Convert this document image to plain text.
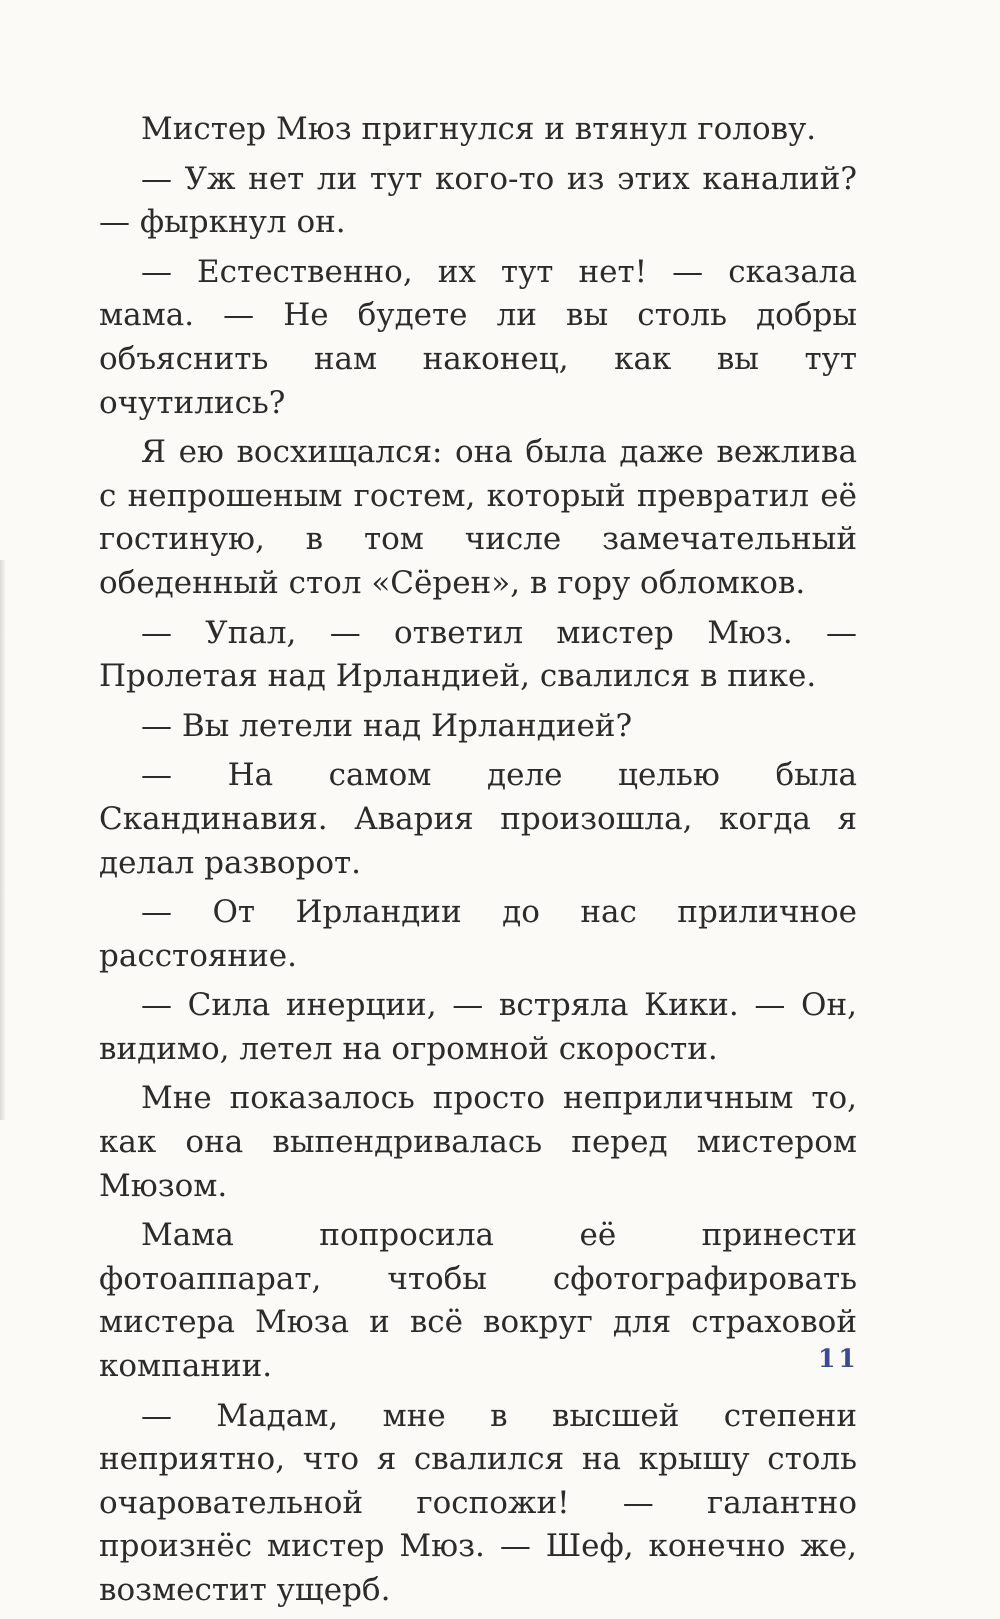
Мистер Мюз пригнулся и втянул голову.

— Уж нет ли тут кого-то из этих каналий? — фыркнул он.

— Естественно, их тут нет! — сказала мама. — Не будете ли вы столь добры объяснить нам наконец, как вы тут очутились?

Я ею восхищался: она была даже вежлива с непрошеным гостем, который превратил её гостиную, в том числе замечательный обеденный стол «Сёрен», в гору обломков.

— Упал, — ответил мистер Мюз. — Пролетая над Ирландией, свалился в пике.

— Вы летели над Ирландией?

— На самом деле целью была Скандинавия. Авария произошла, когда я делал разворот.

— От Ирландии до нас приличное расстояние.

— Сила инерции, — встряла Кики. — Он, видимо, летел на огромной скорости.

Мне показалось просто неприличным то, как она выпендривалась перед мистером Мюзом.

Мама попросила её принести фотоаппарат, чтобы сфотографировать мистера Мюза и всё вокруг для страховой компании.

— Мадам, мне в высшей степени неприятно, что я свалился на крышу столь очаровательной госпожи! — галантно произнёс мистер Мюз. — Шеф, конечно же, возместит ущерб.

11
